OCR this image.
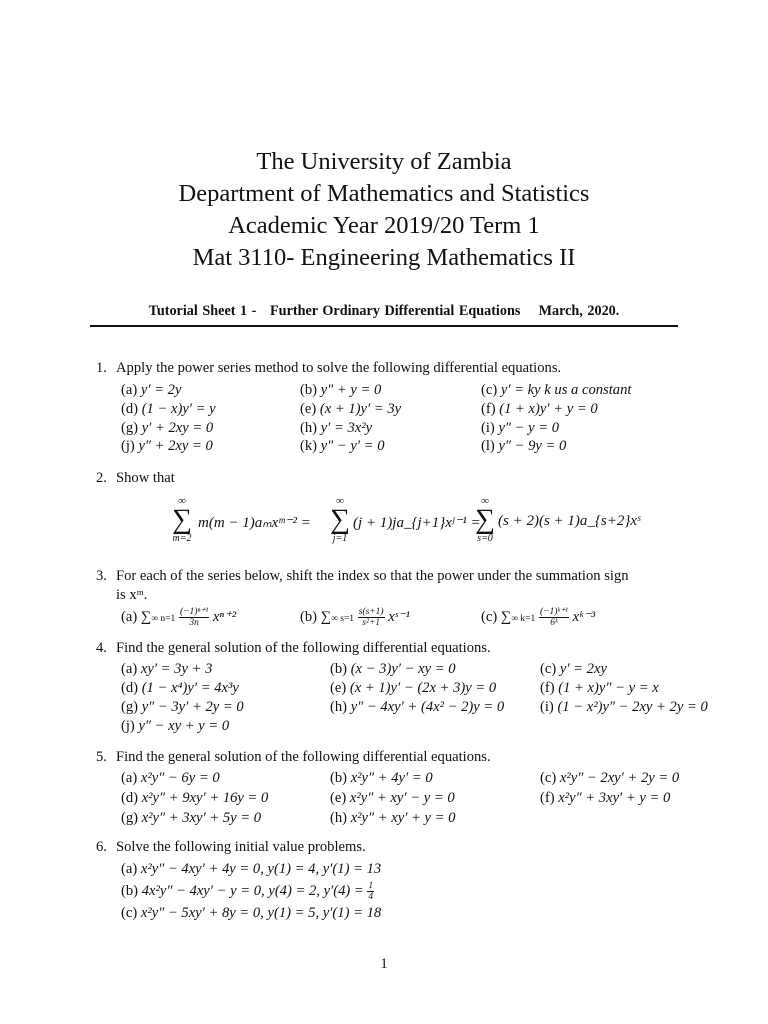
The University of Zambia
Department of Mathematics and Statistics
Academic Year 2019/20 Term 1
Mat 3110- Engineering Mathematics II
Tutorial Sheet 1 - Further Ordinary Differential Equations March, 2020.
1. Apply the power series method to solve the following differential equations.
(a) y′ = 2y	(b) y″ + y = 0	(c) y′ = ky k us a constant
(d) (1 − x)y′ = y	(e) (x + 1)y′ = 3y	(f) (1 + x)y′ + y = 0
(g) y′ + 2xy = 0	(h) y′ = 3x²y	(i) y″ − y = 0
(j) y″ + 2xy = 0	(k) y″ − y′ = 0	(l) y″ − 9y = 0
2. Show that
∞
∑
m=2
m(m − 1)aₘxᵐ⁻² =
∞
∑
j=1
(j + 1)ja_{j+1}xʲ⁻¹ =
∞
∑
s=0
(s + 2)(s + 1)a_{s+2}xˢ
3. For each of the series below, shift the index so that the power under the summation sign
is xᵐ.
(a) ∑∞ $n=1 \frac{\text{(−1)ⁿ⁺¹}}{3n} x^{n+2}$	(b) ∑∞ $s=1 \frac{s(s+1)}{\text{s²+1}}$ xˢ⁻¹	(c) ∑∞ $k=1 \frac{\text{(−1)ᵏ⁺¹}}{\text{6ᵏ}}$ xᵏ⁻³
4. Find the general solution of the following differential equations.
(a) xy′ = 3y + 3	(b) (x − 3)y′ − xy = 0	(c) y′ = 2xy
(d) (1 − x⁴)y′ = 4x³y	(e) (x + 1)y′ − (2x + 3)y = 0	(f) (1 + x)y″ − y = x
(g) y″ − 3y′ + 2y = 0	(h) y″ − 4xy′ + (4x² − 2)y = 0 (i) (1 − x²)y″ − 2xy + 2y = 0
(j) y″ − xy + y = 0
5. Find the general solution of the following differential equations.
(a) x²y″ − 6y = 0	(b) x²y″ + 4y′ = 0	(c) x²y″ − 2xy′ + 2y = 0
(d) x²y″ + 9xy′ + 16y = 0	(e) x²y″ + xy′ − y = 0	(f) x²y″ + 3xy′ + y = 0
(g) x²y″ + 3xy′ + 5y = 0	(h) x²y″ + xy′ + y = 0
6. Solve the following initial value problems.
(a) x²y″ − 4xy′ + 4y = 0, y(1) = 4, y′(1) = 13
(b) 4x²y″ − 4xy′ − y = 0, y(4) = 2, $y'(4) = \frac{1}{4}$
(c) x²y″ − 5xy′ + 8y = 0, y(1) = 5, y′(1) = 18
1
